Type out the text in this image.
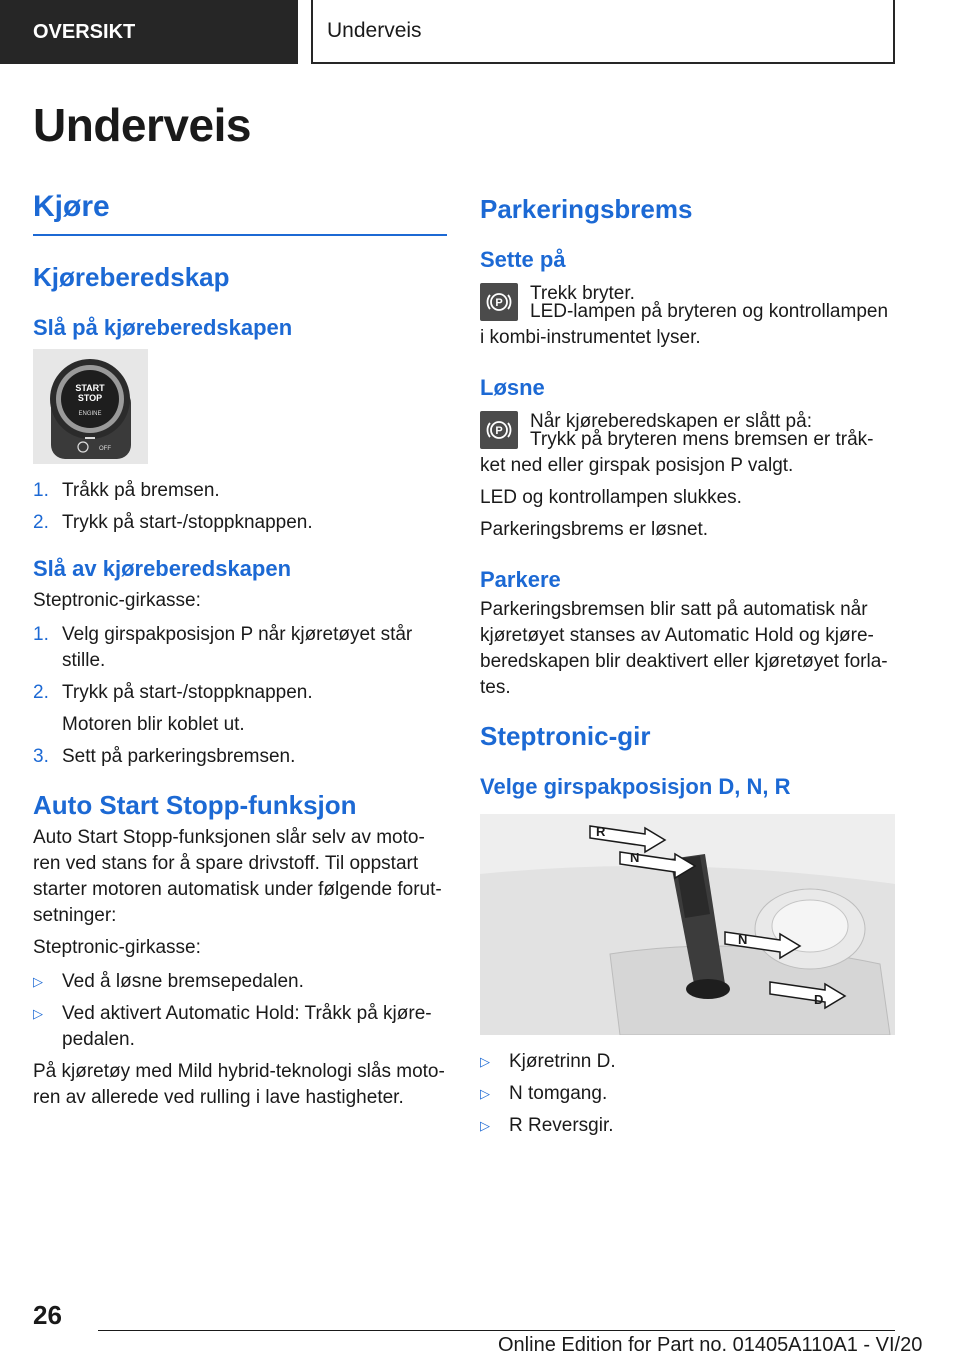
OVERSIKT	Underveis
Underveis
Kjøre
Kjøreberedskap
Slå på kjøreberedskapen
START
STOP
ENGINE
OFF
1. Tråkk på bremsen.
2. Trykk på start-/stoppknappen.
Slå av kjøreberedskapen

Steptronic-girkasse:

1. Velg girspakposisjon P når kjøretøyet står stille.
2. Trykk på start-/stoppknappen.
Motoren blir koblet ut.
3. Sett på parkeringsbremsen.
Auto Start Stopp-funksjon

Auto Start Stopp-funksjonen slår selv av moto-ren ved stans for å spare drivstoff. Til oppstart starter motoren automatisk under følgende forut-setninger:

Steptronic-girkasse:

▷ Ved å løsne bremsepedalen.
▷ Ved aktivert Automatic Hold: Tråkk på kjøre-pedalen.

På kjøretøy med Mild hybrid-teknologi slås moto-ren av allerede ved rulling i lave hastigheter.

Parkeringsbrems
Sette på
P Trekk bryter.

LED-lampen på bryteren og kontrollampen i kombi-instrumentet lyser.

Løsne
P Når kjøreberedskapen er slått på:

Trykk på bryteren mens bremsen er tråk-ket ned eller girspak posisjon P valgt.

LED og kontrollampen slukkes.

Parkeringsbrems er løsnet.

Parkere

Parkeringsbremsen blir satt på automatisk når kjøretøyet stanses av Automatic Hold og kjøre-beredskapen blir deaktivert eller kjøretøyet forla-tes.

Steptronic-gir
Velge girspakposisjon D, N, R
R
N
N
D
▷ Kjøretrinn D.
▷ N tomgang.
▷ R Reversgir.

26

Online Edition for Part no. 01405A110A1 - VI/20
